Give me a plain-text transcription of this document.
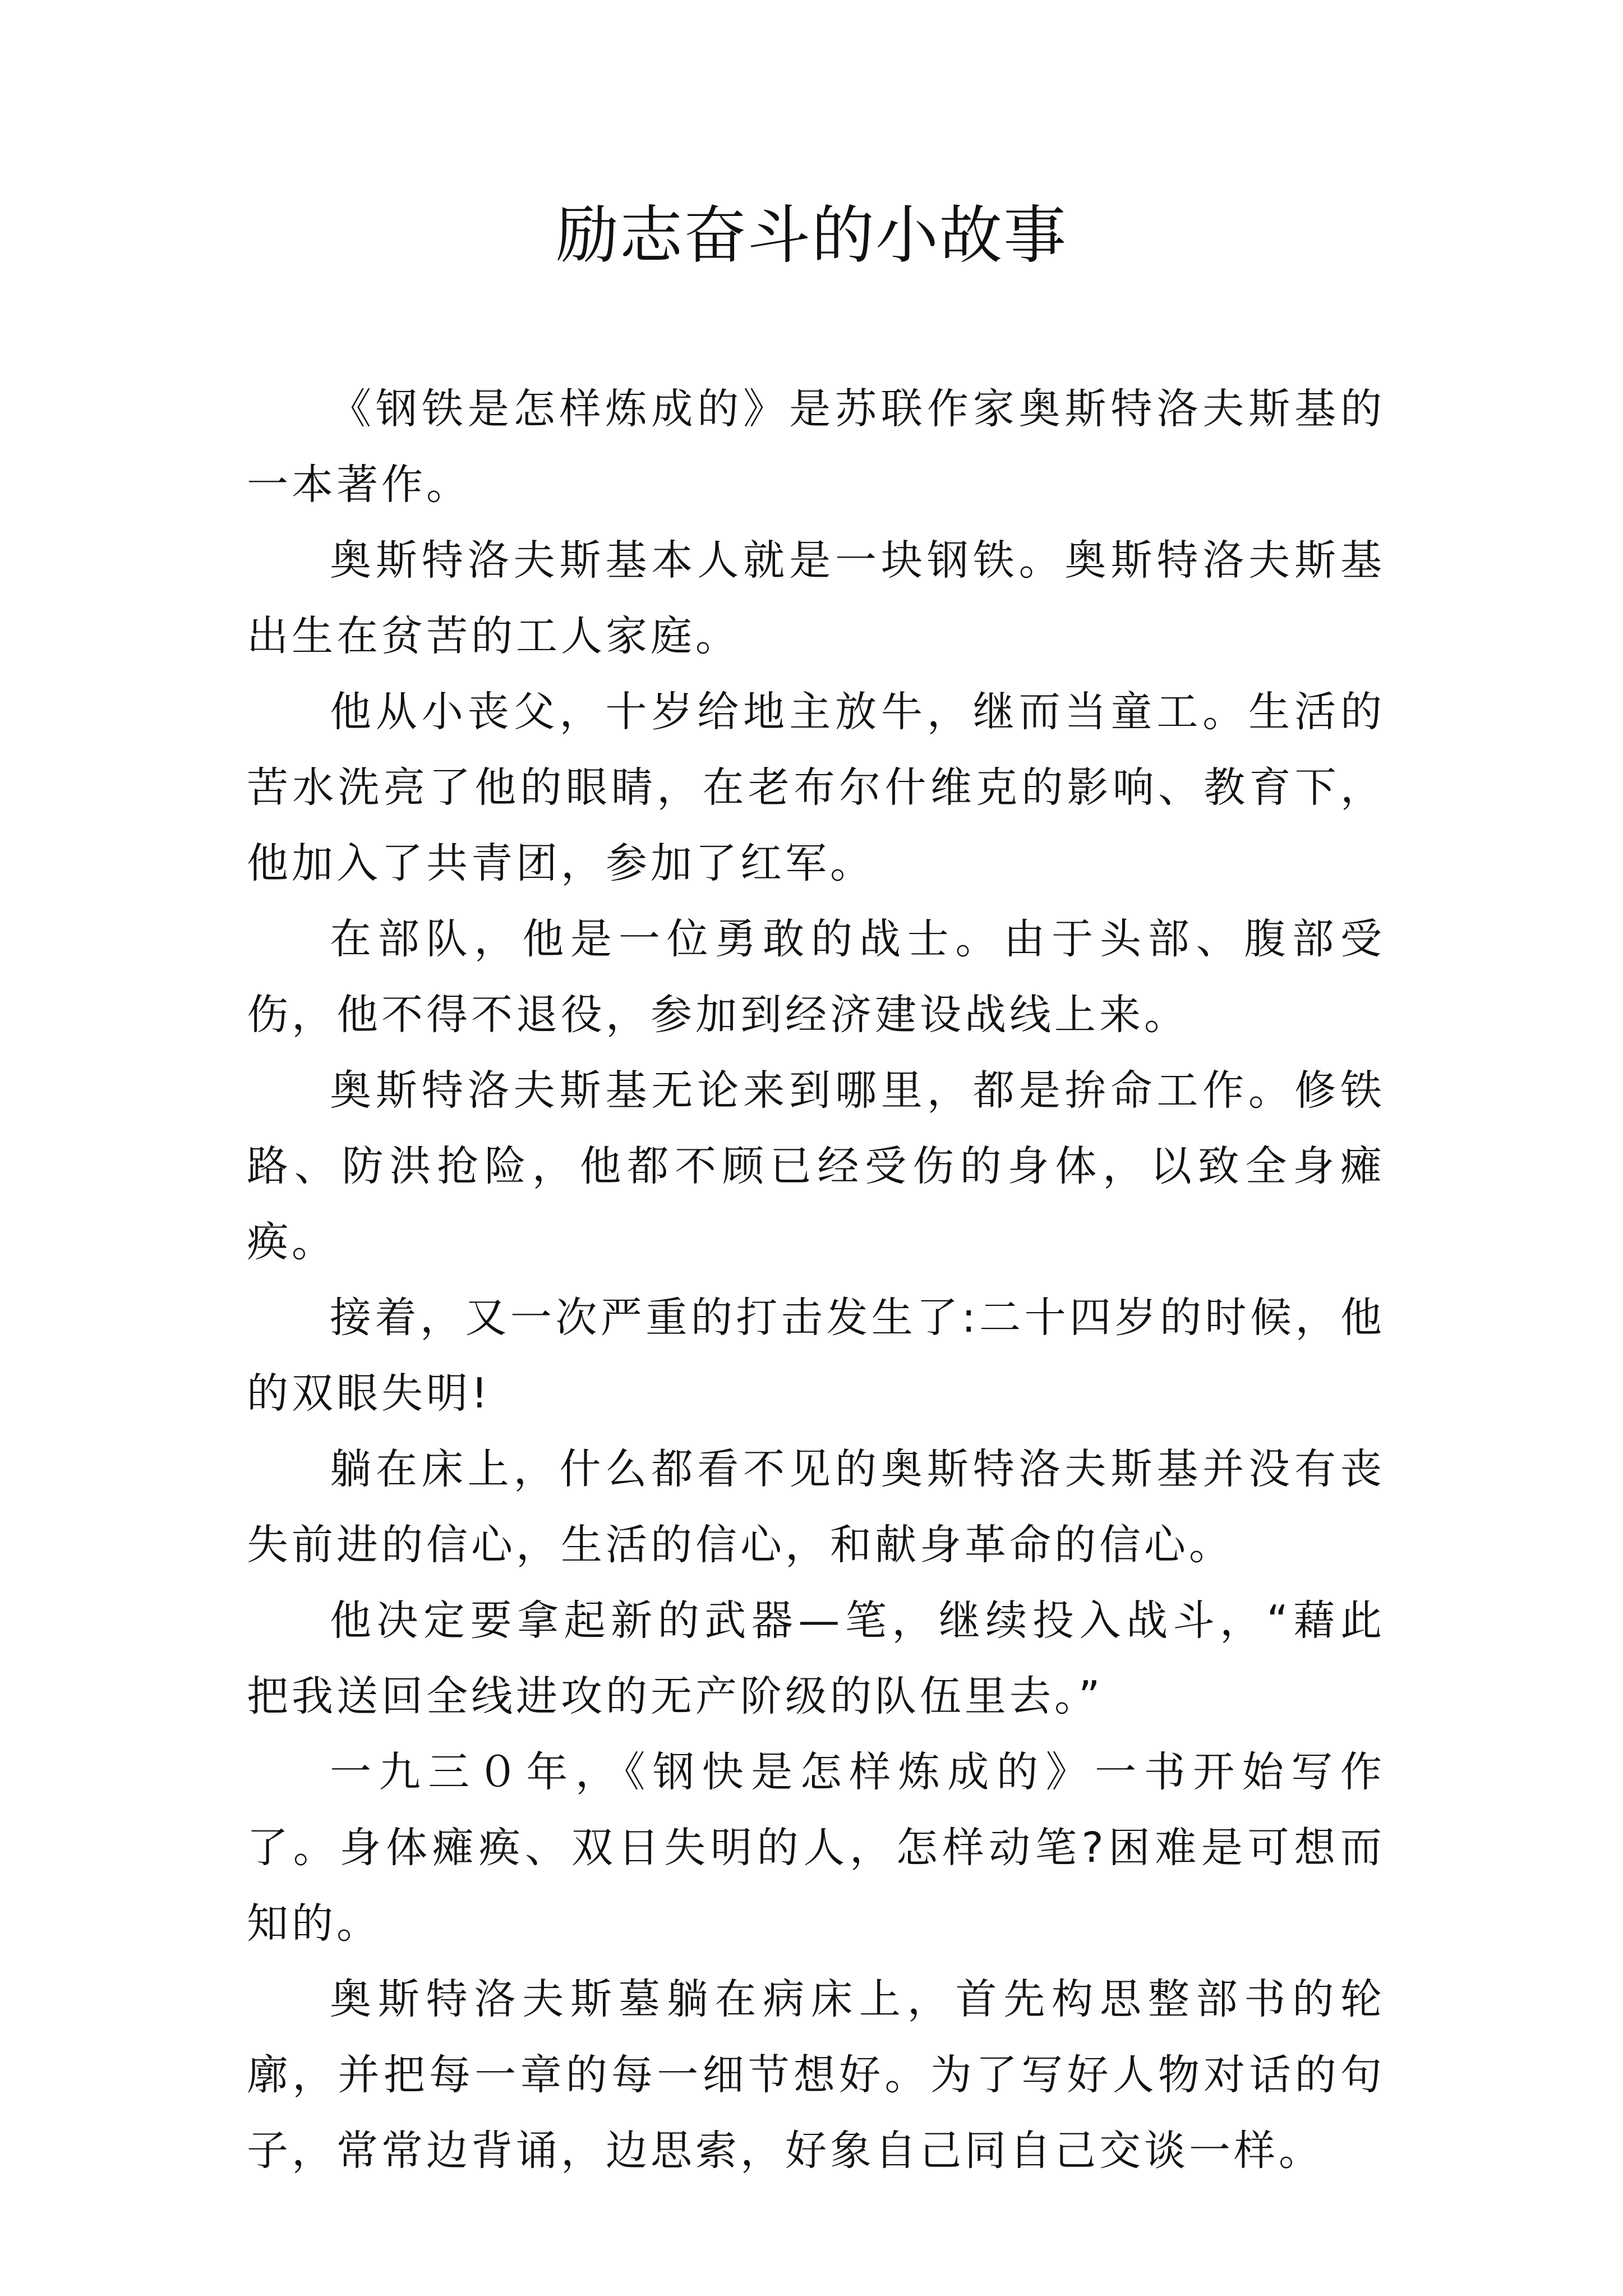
励志奋斗的小故事

《钢铁是怎样炼成的》是苏联作家奥斯特洛夫斯基的一本著作。

奥斯特洛夫斯基本人就是一块钢铁。奥斯特洛夫斯基出生在贫苦的工人家庭。

他从小丧父，十岁给地主放牛，继而当童工。生活的苦水洗亮了他的眼睛，在老布尔什维克的影响、教育下，他加入了共青团，参加了红军。

在部队，他是一位勇敢的战士。由于头部、腹部受伤，他不得不退役，参加到经济建设战线上来。

奥斯特洛夫斯基无论来到哪里，都是拚命工作。修铁路、防洪抢险，他都不顾已经受伤的身体，以致全身瘫痪。

接着，又一次严重的打击发生了:二十四岁的时候，他的双眼失明!

躺在床上，什么都看不见的奥斯特洛夫斯基并没有丧失前进的信心，生活的信心，和献身革命的信心。

他决定要拿起新的武器—笔，继续投入战斗，“藉此把我送回全线进攻的无产阶级的队伍里去。”

一九三０年，《钢快是怎样炼成的》一书开始写作了。身体瘫痪、双日失明的人，怎样动笔?困难是可想而知的。

奥斯特洛夫斯墓躺在病床上，首先构思整部书的轮廓，并把每一章的每一细节想好。为了写好人物对话的句子，常常边背诵，边思索，好象自己同自己交谈一样。
